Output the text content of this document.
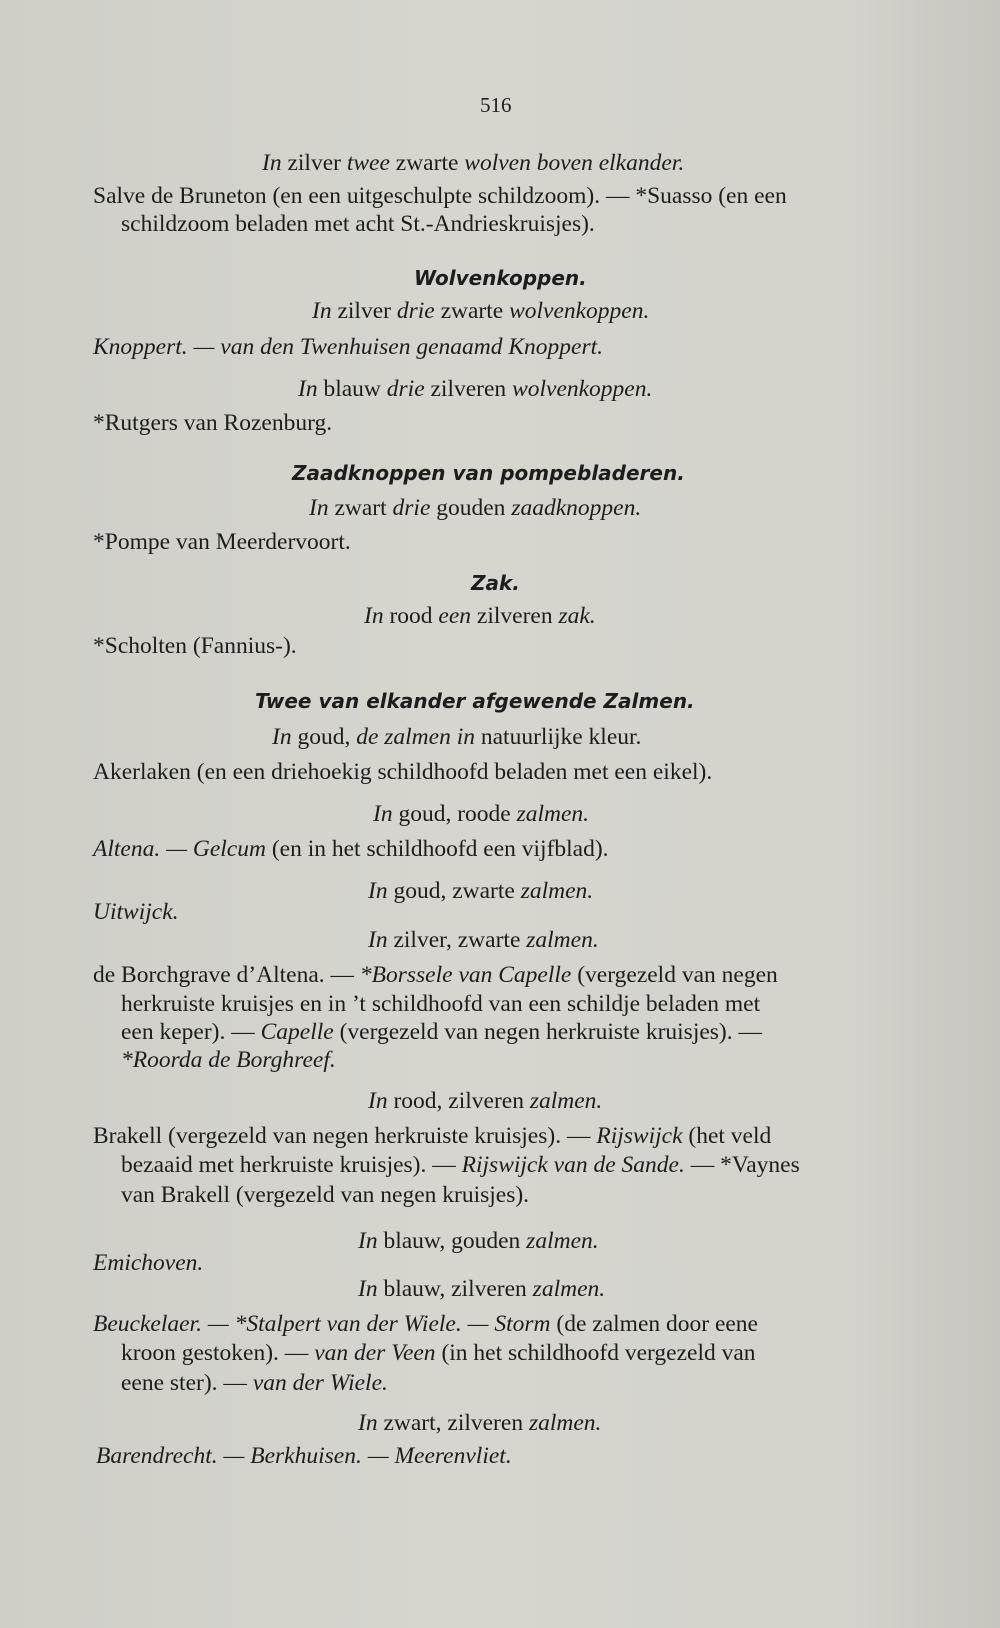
516
In zilver twee zwarte wolven boven elkander.
Salve de Bruneton (en een uitgeschulpte schildzoom). — *Suasso (en een
schildzoom beladen met acht St.-Andrieskruisjes).
Wolvenkoppen.
In zilver drie zwarte wolvenkoppen.
Knoppert. — van den Twenhuisen genaamd Knoppert.
In blauw drie zilveren wolvenkoppen.
*Rutgers van Rozenburg.
Zaadknoppen van pompebladeren.
In zwart drie gouden zaadknoppen.
*Pompe van Meerdervoort.
Zak.
In rood een zilveren zak.
*Scholten (Fannius-).
Twee van elkander afgewende Zalmen.
In goud, de zalmen in natuurlijke kleur.
Akerlaken (en een driehoekig schildhoofd beladen met een eikel).
In goud, roode zalmen.
Altena. — Gelcum (en in het schildhoofd een vijfblad).
In goud, zwarte zalmen.
Uitwijck.
In zilver, zwarte zalmen.
de Borchgrave d’Altena. — *Borssele van Capelle (vergezeld van negen
herkruiste kruisjes en in ’t schildhoofd van een schildje beladen met
een keper). — Capelle (vergezeld van negen herkruiste kruisjes). —
*Roorda de Borghreef.
In rood, zilveren zalmen.
Brakell (vergezeld van negen herkruiste kruisjes). — Rijswijck (het veld
bezaaid met herkruiste kruisjes). — Rijswijck van de Sande. — *Vaynes
van Brakell (vergezeld van negen kruisjes).
In blauw, gouden zalmen.
Emichoven.
In blauw, zilveren zalmen.
Beuckelaer. — *Stalpert van der Wiele. — Storm (de zalmen door eene
kroon gestoken). — van der Veen (in het schildhoofd vergezeld van
eene ster). — van der Wiele.
In zwart, zilveren zalmen.
Barendrecht. — Berkhuisen. — Meerenvliet.
